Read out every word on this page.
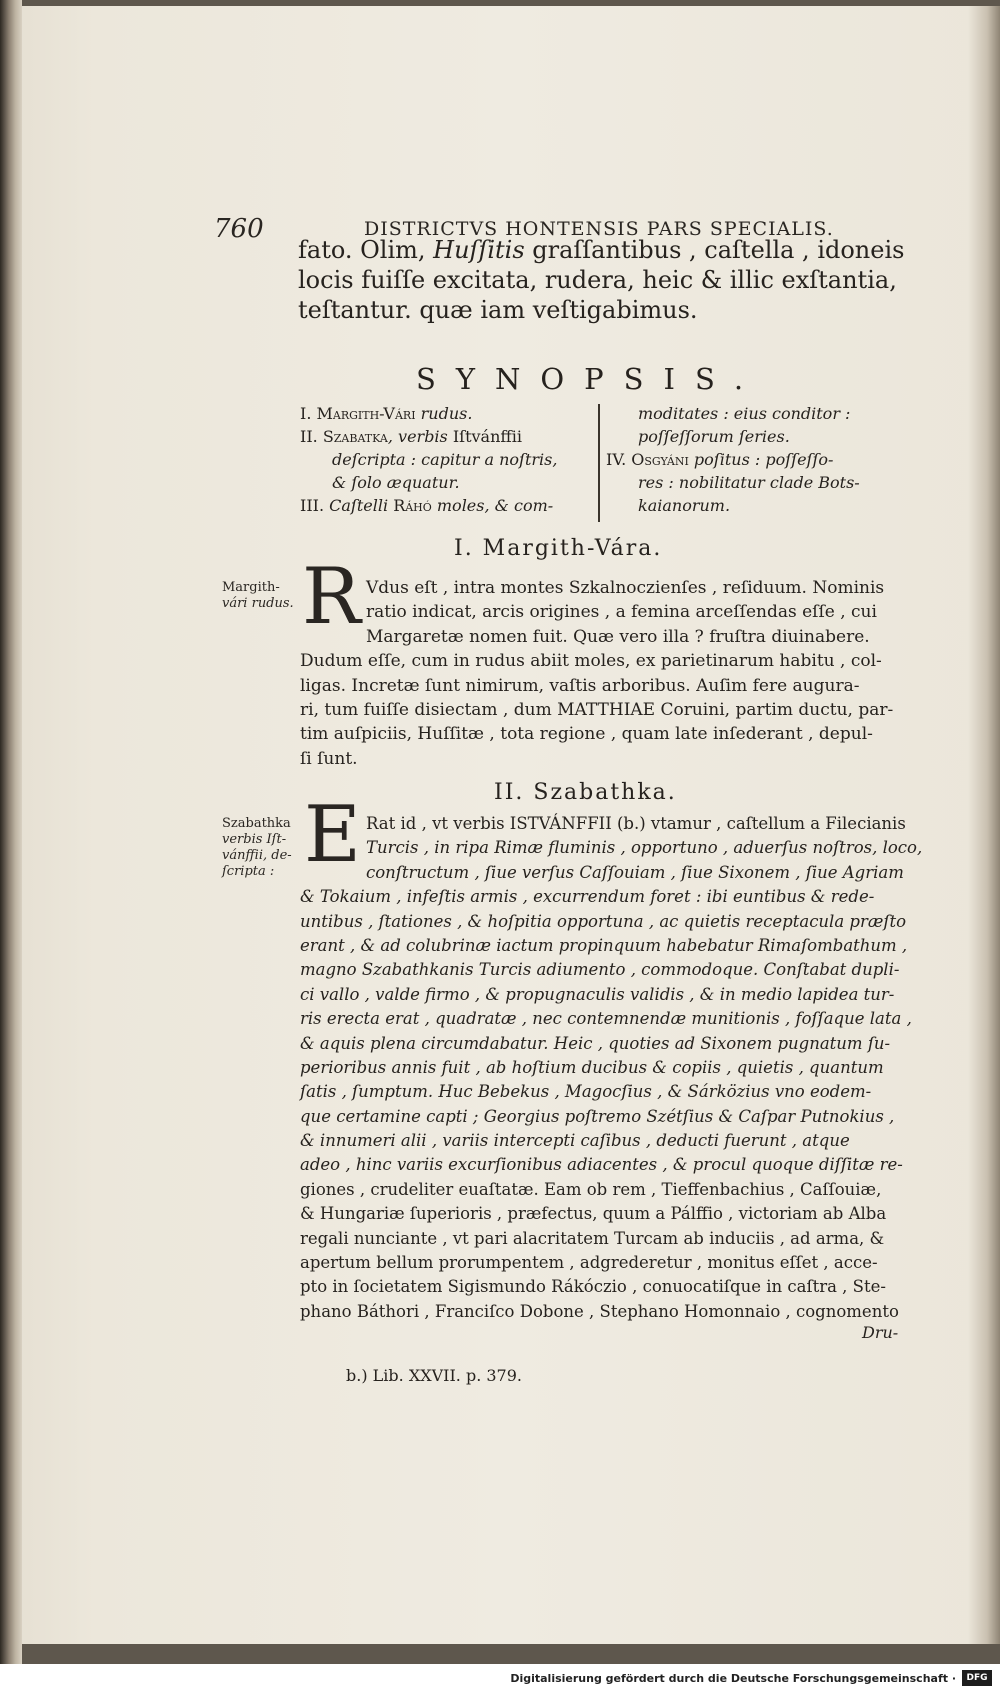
760	DISTRICTVS HONTENSIS PARS SPECIALIS.
fato. Olim, Huſſitis graſſantibus , caſtella , idoneis
locis fuiſſe excitata, rudera, heic & illic exſtantia,
teſtantur. quæ iam veſtigabimus.
SYNOPSIS.
I. Margith-Vári rudus.
II. Szabatka, verbis Iſtvánffii
deſcripta : capitur a noſtris,
& ſolo æquatur.
III. Caſtelli Ráhó moles, & com-
moditates : eius conditor :
poſſeſſorum ſeries.
IV. Osgyáni poſitus : poſſeſſo-
res : nobilitatur clade Bots-
kaianorum.
I. Margith-Vára.
Margith-
vári rudus. R Vdus eſt , intra montes Szkalnoczienſes , reſiduum. Nominis
ratio indicat, arcis origines , a femina arceſſendas eſſe , cui
Margaretæ nomen fuit. Quæ vero illa ? fruſtra diuinabere.
Dudum eſſe, cum in rudus abiit moles, ex parietinarum habitu , col-
ligas. Incretæ ſunt nimirum, vaſtis arboribus. Auſim fere augura-
ri, tum fuiſſe disiectam , dum MATTHIAE Coruini, partim ductu, par-
tim auſpiciis, Huſſitæ , tota regione , quam late inſederant , depul-
ſi ſunt.
II. Szabathka.
Szabathka
verbis Iſt-
vánffii, de-
ſcripta : E Rat id , vt verbis ISTVÁNFFII (b.) vtamur , caſtellum a Filecianis
Turcis , in ripa Rimæ fluminis , opportuno , aduerſus noſtros, loco,
conſtructum , ſiue verſus Caſſouiam , ſiue Sixonem , ſiue Agriam
& Tokaium , infeſtis armis , excurrendum foret : ibi euntibus & rede-
untibus , ſtationes , & hoſpitia opportuna , ac quietis receptacula præſto
erant , & ad colubrinæ iactum propinquum habebatur Rimaſombathum ,
magno Szabathkanis Turcis adiumento , commodoque. Conſtabat dupli-
ci vallo , valde firmo , & propugnaculis validis , & in medio lapidea tur-
ris erecta erat , quadratæ , nec contemnendæ munitionis , foſſaque lata ,
& aquis plena circumdabatur. Heic , quoties ad Sixonem pugnatum ſu-
perioribus annis fuit , ab hoſtium ducibus & copiis , quietis , quantum
ſatis , ſumptum. Huc Bebekus , Magocſius , & Sárközius vno eodem-
que certamine capti ; Georgius poſtremo Szétſius & Caſpar Putnokius ,
& innumeri alii , variis intercepti caſibus , deducti fuerunt , atque
adeo , hinc variis excurſionibus adiacentes , & procul quoque diſſitæ re-
giones , crudeliter euaſtatæ. Eam ob rem , Tieffenbachius , Caſſouiæ,
& Hungariæ ſuperioris , præfectus, quum a Pálffio , victoriam ab Alba
regali nunciante , vt pari alacritatem Turcam ab induciis , ad arma, &
apertum bellum prorumpentem , adgrederetur , monitus eſſet , acce-
pto in ſocietatem Sigismundo Rákóczio , conuocatiſque in caſtra , Ste-
phano Báthori , Franciſco Dobone , Stephano Homonnaio , cognomento
Dru-
b.) Lib. XXVII. p. 379.
Digitalisierung gefördert durch die Deutsche Forschungsgemeinschaft ·	DFG
